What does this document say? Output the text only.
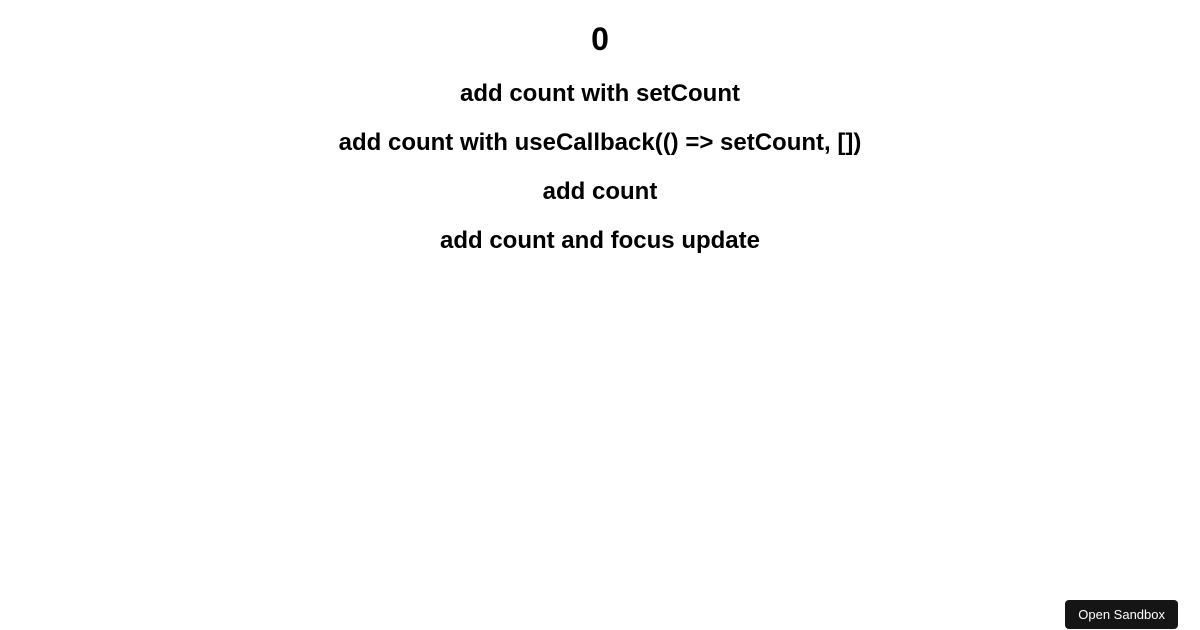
0
add count with setCount
add count with useCallback(() => setCount, [])
add count
add count and focus update
Open Sandbox
